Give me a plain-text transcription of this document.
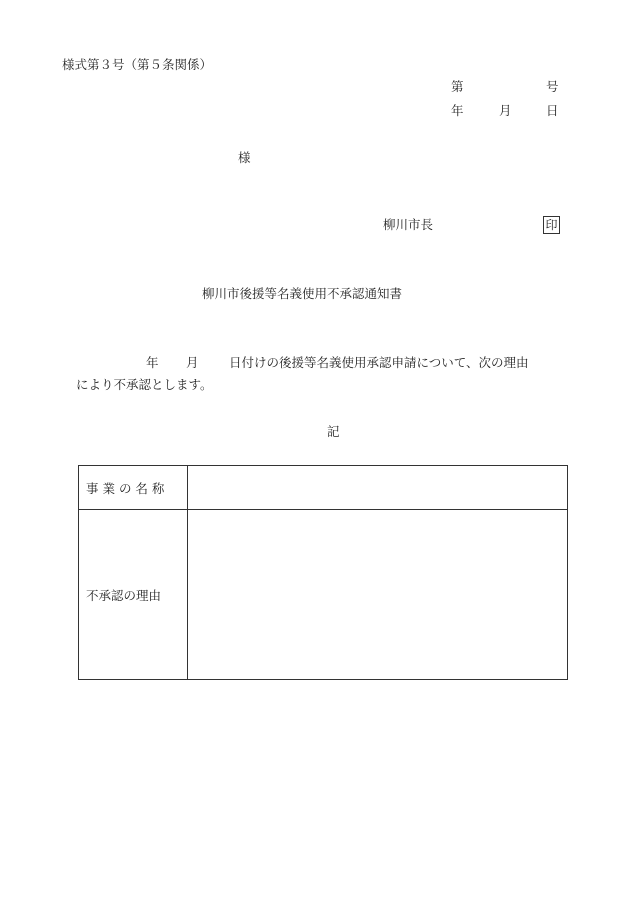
様式第３号（第５条関係）
第	号
年	月	日
様
柳川市長	印
柳川市後援等名義使用不承認通知書
年 月 日付けの後援等名義使用承認申請について、次の理由
により不承認とします。
記
事 業 の 名 称	
不承認の理由	
